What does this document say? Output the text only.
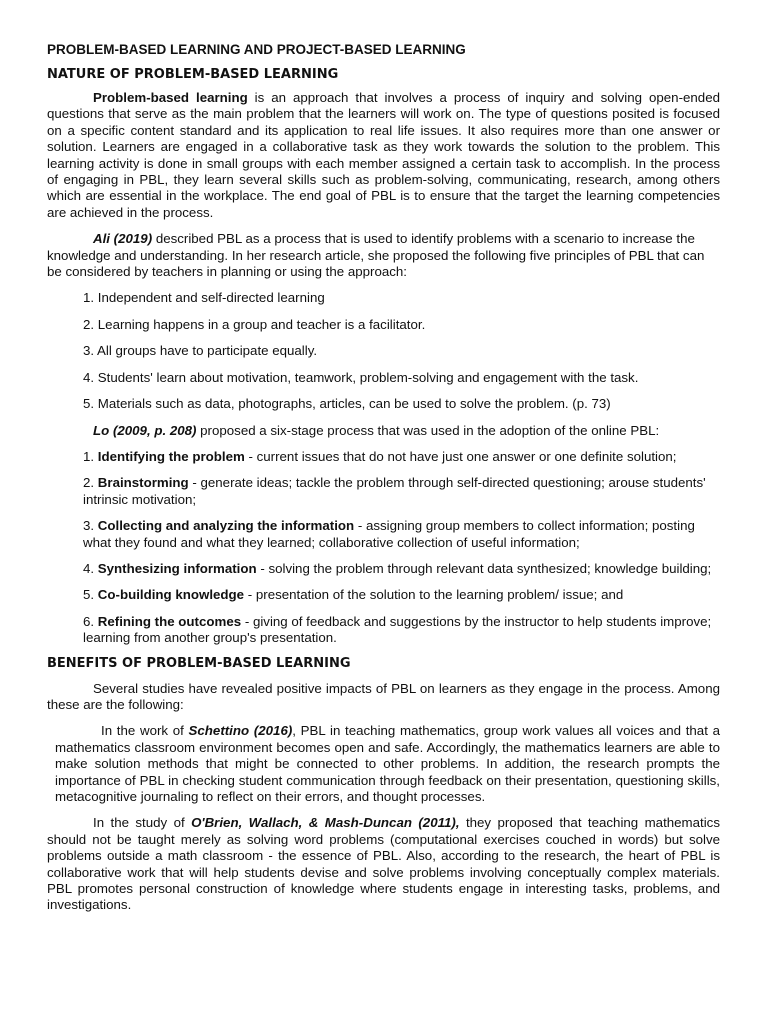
PROBLEM-BASED LEARNING AND PROJECT-BASED LEARNING
NATURE OF PROBLEM-BASED LEARNING

Problem-based learning is an approach that involves a process of inquiry and solving open-ended questions that serve as the main problem that the learners will work on. The type of questions posited is focused on a specific content standard and its application to real life issues. It also requires more than one answer or solution. Learners are engaged in a collaborative task as they work towards the solution to the problem. This learning activity is done in small groups with each member assigned a certain task to accomplish. In the process of engaging in PBL, they learn several skills such as problem-solving, communicating, research, among others which are essential in the workplace. The end goal of PBL is to ensure that the target the learning competencies are achieved in the process.

Ali (2019) described PBL as a process that is used to identify problems with a scenario to increase the knowledge and understanding. In her research article, she proposed the following five principles of PBL that can be considered by teachers in planning or using the approach:

1. Independent and self-directed learning

2. Learning happens in a group and teacher is a facilitator.

3. All groups have to participate equally.

4. Students' learn about motivation, teamwork, problem-solving and engagement with the task.

5. Materials such as data, photographs, articles, can be used to solve the problem. (p. 73)

Lo (2009, p. 208) proposed a six-stage process that was used in the adoption of the online PBL:

1. Identifying the problem - current issues that do not have just one answer or one definite solution;

2. Brainstorming - generate ideas; tackle the problem through self-directed questioning; arouse students' intrinsic motivation;

3. Collecting and analyzing the information - assigning group members to collect information; posting what they found and what they learned; collaborative collection of useful information;

4. Synthesizing information - solving the problem through relevant data synthesized; knowledge building;

5. Co-building knowledge - presentation of the solution to the learning problem/ issue; and

6. Refining the outcomes - giving of feedback and suggestions by the instructor to help students improve; learning from another group's presentation.

BENEFITS OF PROBLEM-BASED LEARNING

Several studies have revealed positive impacts of PBL on learners as they engage in the process. Among these are the following:

In the work of Schettino (2016), PBL in teaching mathematics, group work values all voices and that a mathematics classroom environment becomes open and safe. Accordingly, the mathematics learners are able to make solution methods that might be connected to other problems. In addition, the research prompts the importance of PBL in checking student communication through feedback on their presentation, questioning skills, metacognitive journaling to reflect on their errors, and thought processes.

In the study of O'Brien, Wallach, & Mash-Duncan (2011), they proposed that teaching mathematics should not be taught merely as solving word problems (computational exercises couched in words) but solve problems outside a math classroom - the essence of PBL. Also, according to the research, the heart of PBL is collaborative work that will help students devise and solve problems involving conceptually complex materials. PBL promotes personal construction of knowledge where students engage in interesting tasks, problems, and investigations.
